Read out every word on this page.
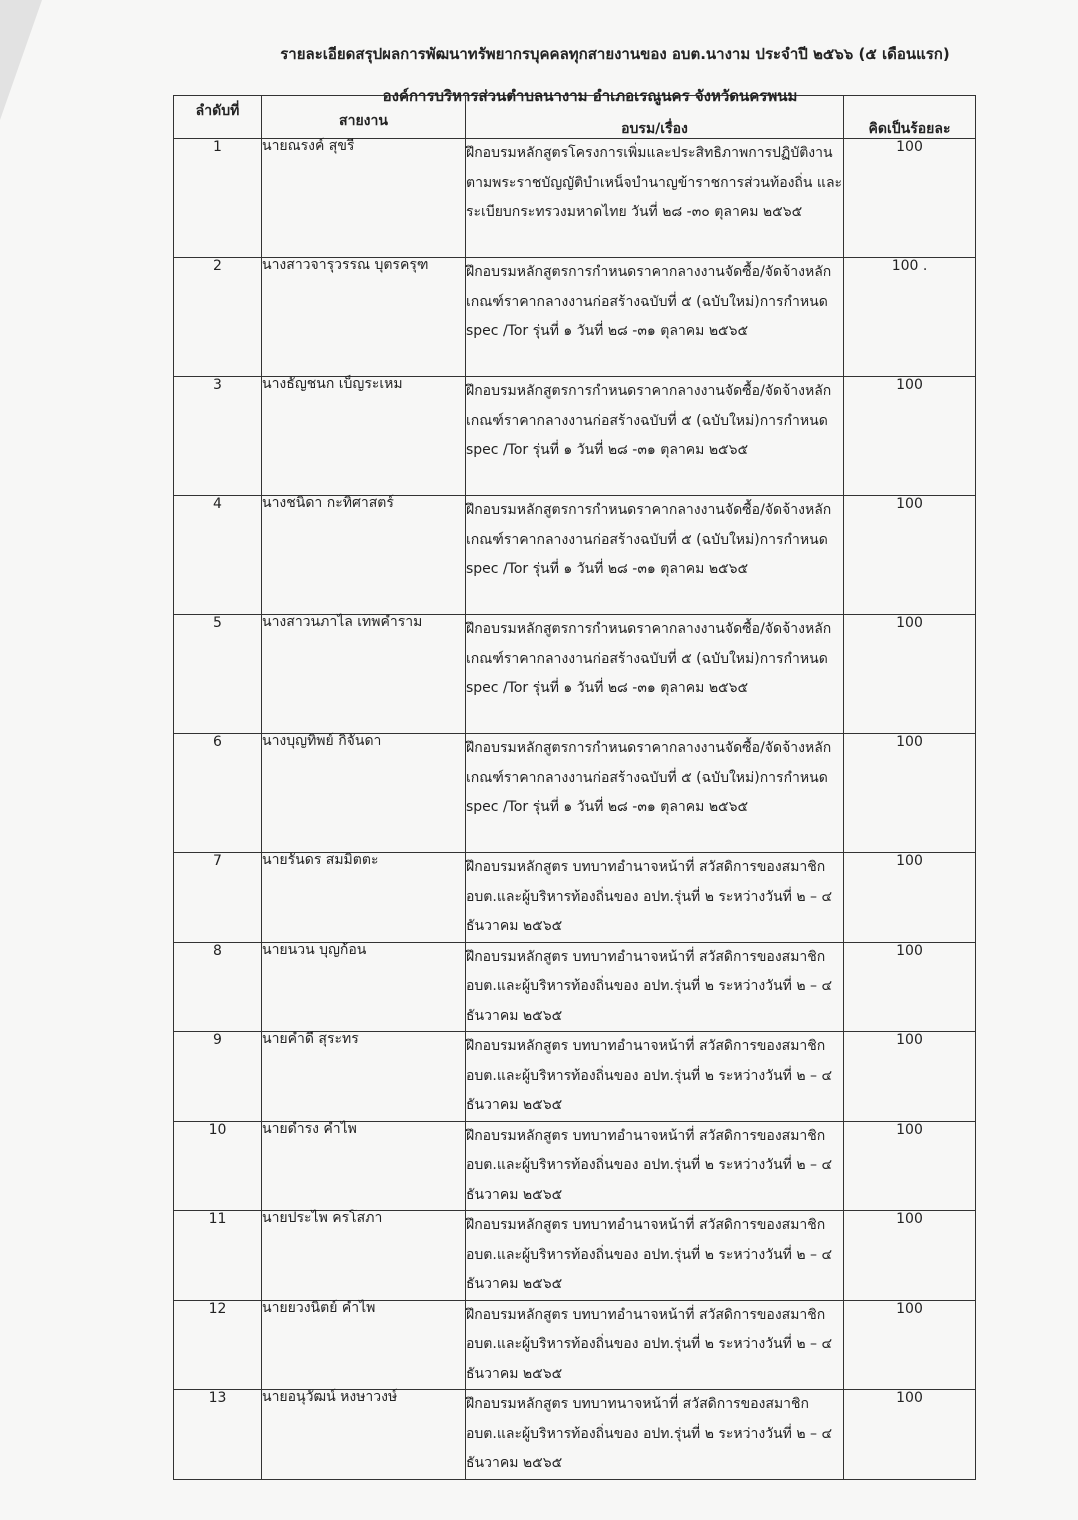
รายละเอียดสรุปผลการพัฒนาทรัพยากรบุคคลทุกสายงานของ อบต.นางาม ประจำปี ๒๕๖๖ (๕ เดือนแรก)
องค์การบริหารส่วนตำบลนางาม อำเภอเรณูนคร จังหวัดนครพนม
ลำดับที่	สายงาน	อบรม/เรื่อง	คิดเป็นร้อยละ

1	นายณรงค์ สุขรี	ฝึกอบรมหลักสูตรโครงการเพิ่มและประสิทธิภาพการปฏิบัติงานตามพระราชบัญญัติบำเหน็จบำนาญข้าราชการส่วนท้องถิ่น และระเบียบกระทรวงมหาดไทย วันที่ ๒๘ -๓๐ ตุลาคม ๒๕๖๕	100
2	นางสาวจารุวรรณ บุตรครุฑ	ฝึกอบรมหลักสูตรการกำหนดราคากลางงานจัดซื้อ/จัดจ้างหลักเกณฑ์ราคากลางงานก่อสร้างฉบับที่ ๕ (ฉบับใหม่)การกำหนด spec /Tor รุ่นที่ ๑ วันที่ ๒๘ -๓๑ ตุลาคม ๒๕๖๕	100 .
3	นางธัญชนก เบ็ญระเหม	ฝึกอบรมหลักสูตรการกำหนดราคากลางงานจัดซื้อ/จัดจ้างหลักเกณฑ์ราคากลางงานก่อสร้างฉบับที่ ๕ (ฉบับใหม่)การกำหนด spec /Tor รุ่นที่ ๑ วันที่ ๒๘ -๓๑ ตุลาคม ๒๕๖๕	100
4	นางชนิดา กะทิศาสตร์	ฝึกอบรมหลักสูตรการกำหนดราคากลางงานจัดซื้อ/จัดจ้างหลักเกณฑ์ราคากลางงานก่อสร้างฉบับที่ ๕ (ฉบับใหม่)การกำหนด spec /Tor รุ่นที่ ๑ วันที่ ๒๘ -๓๑ ตุลาคม ๒๕๖๕	100
5	นางสาวนภาไล เทพคำราม	ฝึกอบรมหลักสูตรการกำหนดราคากลางงานจัดซื้อ/จัดจ้างหลักเกณฑ์ราคากลางงานก่อสร้างฉบับที่ ๕ (ฉบับใหม่)การกำหนด spec /Tor รุ่นที่ ๑ วันที่ ๒๘ -๓๑ ตุลาคม ๒๕๖๕	100
6	นางบุญทิพย์ กิจันดา	ฝึกอบรมหลักสูตรการกำหนดราคากลางงานจัดซื้อ/จัดจ้างหลักเกณฑ์ราคากลางงานก่อสร้างฉบับที่ ๕ (ฉบับใหม่)การกำหนด spec /Tor รุ่นที่ ๑ วันที่ ๒๘ -๓๑ ตุลาคม ๒๕๖๕	100
7	นายรันดร สมมิตตะ	ฝึกอบรมหลักสูตร บทบาทอำนาจหน้าที่ สวัสดิการของสมาชิก อบต.และผู้บริหารท้องถิ่นของ อปท.รุ่นที่ ๒ ระหว่างวันที่ ๒ – ๔ ธันวาคม ๒๕๖๕	100
8	นายนวน บุญก้อน	ฝึกอบรมหลักสูตร บทบาทอำนาจหน้าที่ สวัสดิการของสมาชิก อบต.และผู้บริหารท้องถิ่นของ อปท.รุ่นที่ ๒ ระหว่างวันที่ ๒ – ๔ ธันวาคม ๒๕๖๕	100
9	นายคำดี สุระทร	ฝึกอบรมหลักสูตร บทบาทอำนาจหน้าที่ สวัสดิการของสมาชิก อบต.และผู้บริหารท้องถิ่นของ อปท.รุ่นที่ ๒ ระหว่างวันที่ ๒ – ๔ ธันวาคม ๒๕๖๕	100
10	นายดำรง คำไพ	ฝึกอบรมหลักสูตร บทบาทอำนาจหน้าที่ สวัสดิการของสมาชิก อบต.และผู้บริหารท้องถิ่นของ อปท.รุ่นที่ ๒ ระหว่างวันที่ ๒ – ๔ ธันวาคม ๒๕๖๕	100
11	นายประไพ ครโสภา	ฝึกอบรมหลักสูตร บทบาทอำนาจหน้าที่ สวัสดิการของสมาชิก อบต.และผู้บริหารท้องถิ่นของ อปท.รุ่นที่ ๒ ระหว่างวันที่ ๒ – ๔ ธันวาคม ๒๕๖๕	100
12	นายยวงนิตย์ คำไพ	ฝึกอบรมหลักสูตร บทบาทอำนาจหน้าที่ สวัสดิการของสมาชิก อบต.และผู้บริหารท้องถิ่นของ อปท.รุ่นที่ ๒ ระหว่างวันที่ ๒ – ๔ ธันวาคม ๒๕๖๕	100
13	นายอนุวัฒน์ หงษาวงษ์	ฝึกอบรมหลักสูตร บทบาทนาจหน้าที่ สวัสดิการของสมาชิก อบต.และผู้บริหารท้องถิ่นของ อปท.รุ่นที่ ๒ ระหว่างวันที่ ๒ – ๔ ธันวาคม ๒๕๖๕	100
